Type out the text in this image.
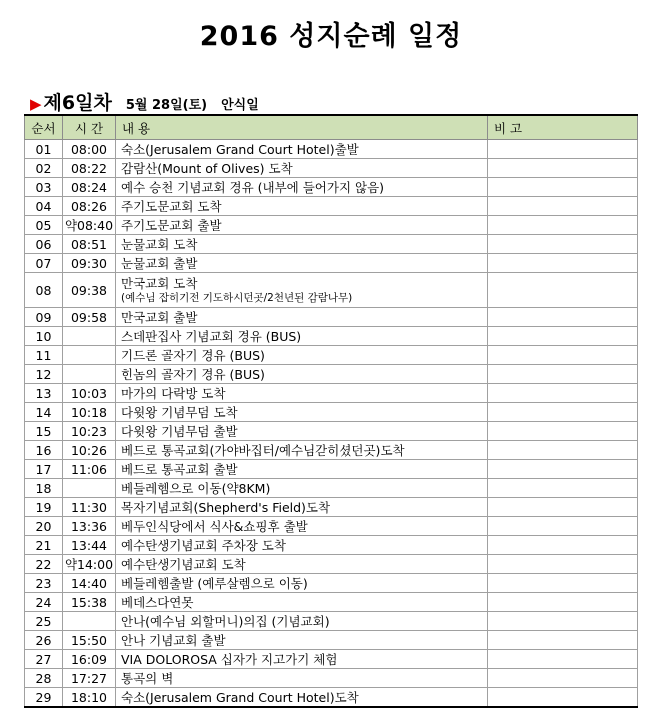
2016 성지순례 일정
▶ 제6일차 5월 28일(토) 안식일
순서	시 간	내 용	비 고
01	08:00	숙소(Jerusalem Grand Court Hotel)출발	
02	08:22	감람산(Mount of Olives) 도착	
03	08:24	예수 승천 기념교회 경유 (내부에 들어가지 않음)	
04	08:26	주기도문교회 도착	
05	약08:40	주기도문교회 출발	
06	08:51	눈물교회 도착	
07	09:30	눈물교회 출발	
08	09:38	만국교회 도착
(예수님 잡히기전 기도하시던곳/2천년된 감람나무)	

09	09:58	만국교회 출발	
10		스데판집사 기념교회 경유 (BUS)	
11		기드론 골자기 경유 (BUS)	
12		힌놈의 골자기 경유 (BUS)	
13	10:03	마가의 다락방 도착	
14	10:18	다윗왕 기념무덤 도착	
15	10:23	다윗왕 기념무덤 출발	
16	10:26	베드로 통곡교회(가야바집터/예수님갇히셨던곳)도착	
17	11:06	베드로 통곡교회 출발	
18		베들레헴으로 이동(약8KM)	
19	11:30	목자기념교회(Shepherd's Field)도착	
20	13:36	베두인식당에서 식사&쇼핑후 출발	
21	13:44	예수탄생기념교회 주차장 도착	
22	약14:00	예수탄생기념교회 도착	
23	14:40	베들레헴출발 (예루살렘으로 이동)	
24	15:38	베데스다연못	
25		안나(예수님 외할머니)의집 (기념교회)	
26	15:50	안나 기념교회 출발	
27	16:09	VIA DOLOROSA 십자가 지고가기 체험	
28	17:27	통곡의 벽	
29	18:10	숙소(Jerusalem Grand Court Hotel)도착	
